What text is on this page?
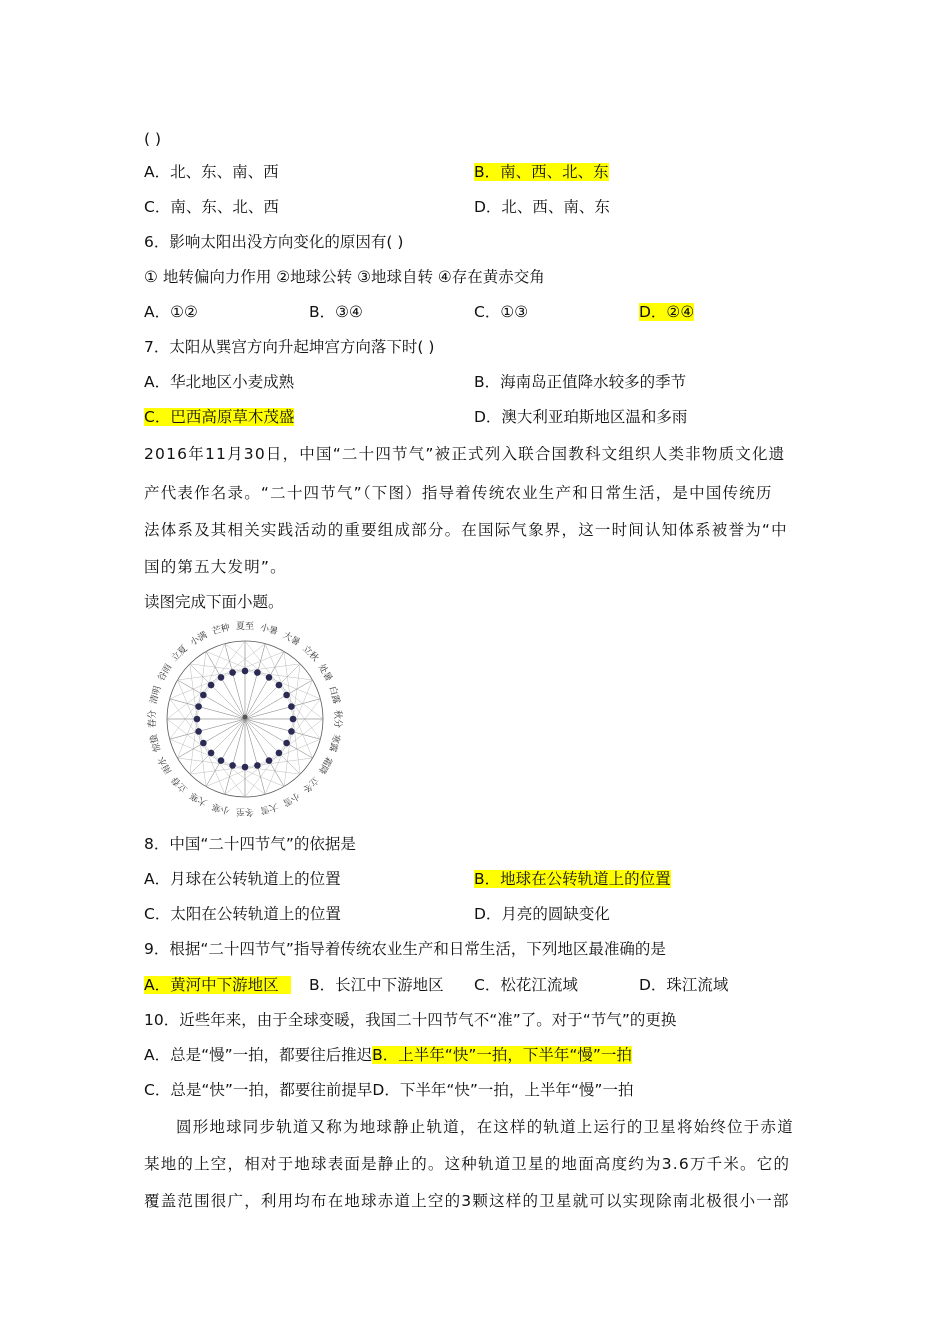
( )
A．北、东、南、西	B．南、西、北、东
C．南、东、北、西	D．北、西、南、东
6．影响太阳出没方向变化的原因有( )
① 地转偏向力作用 ②地球公转 ③地球自转 ④存在黄赤交角
A．①②	B．③④	C．①③	D．②④
7．太阳从巽宫方向升起坤宫方向落下时( )
A．华北地区小麦成熟	B．海南岛正值降水较多的季节
C．巴西高原草木茂盛	D．澳大利亚珀斯地区温和多雨
2016年11月30日，中国“二十四节气”被正式列入联合国教科文组织人类非物质文化遗
产代表作名录。“二十四节气”（下图）指导着传统农业生产和日常生活，是中国传统历
法体系及其相关实践活动的重要组成部分。在国际气象界，这一时间认知体系被誉为“中
国的第五大发明”。
读图完成下面小题。
夏至 小暑
大暑
立秋
处暑
白露
秋分
寒露
霜降
立冬
小雪
大雪
冬至
小寒
大寒
立春
雨水
惊蛰
春分
清明
谷雨
立夏
小满
芒种
8．中国“二十四节气”的依据是
A．月球在公转轨道上的位置	B．地球在公转轨道上的位置
C．太阳在公转轨道上的位置	D．月亮的圆缺变化
9．根据“二十四节气”指导着传统农业生产和日常生活，下列地区最准确的是
A．黄河中下游地区	B．长江中下游地区 C．松花江流域	D．珠江流域
10．近些年来，由于全球变暖，我国二十四节气不“准”了。对于“节气”的更换
A．总是“慢”一拍，都要往后推迟B．上半年“快”一拍，下半年“慢”一拍
C．总是“快”一拍，都要往前提早D．下半年“快”一拍，上半年“慢”一拍
圆形地球同步轨道又称为地球静止轨道，在这样的轨道上运行的卫星将始终位于赤道
某地的上空，相对于地球表面是静止的。这种轨道卫星的地面高度约为3.6万千米。它的
覆盖范围很广，利用均布在地球赤道上空的3颗这样的卫星就可以实现除南北极很小一部
